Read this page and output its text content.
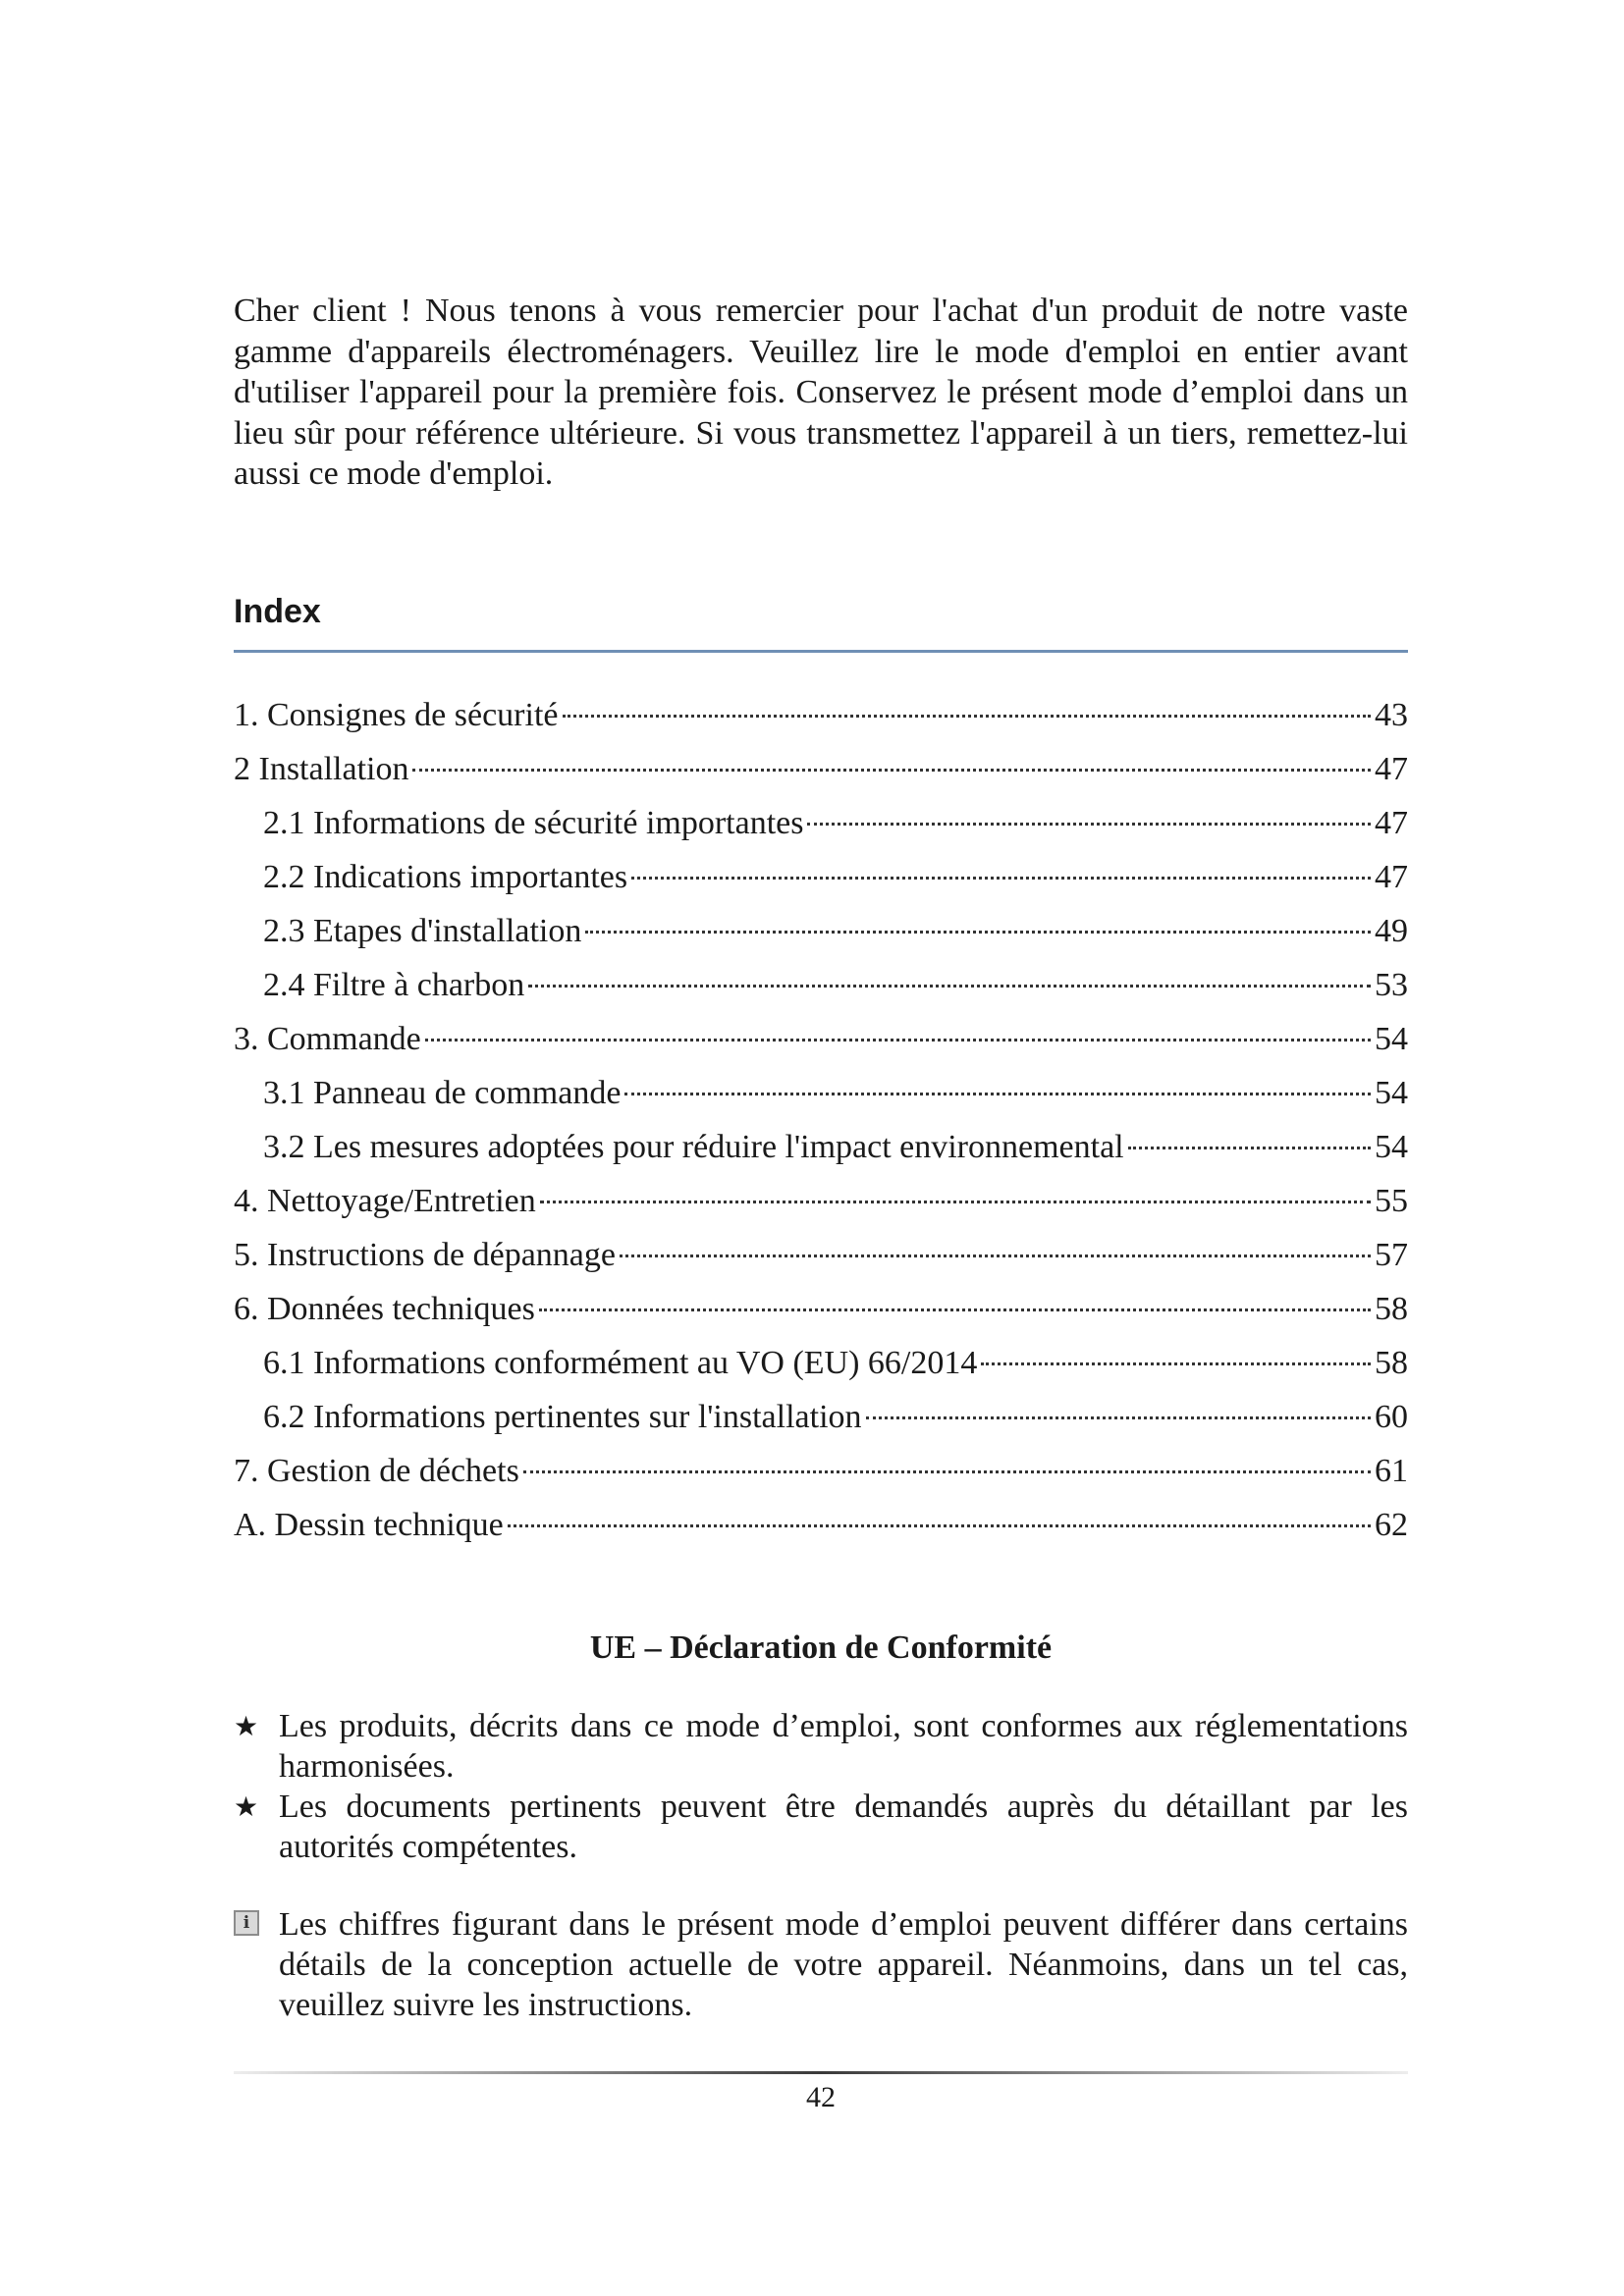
Cher client ! Nous tenons à vous remercier pour l'achat d'un produit de notre vaste gamme d'appareils électroménagers. Veuillez lire le mode d'emploi en entier avant d'utiliser l'appareil pour la première fois. Conservez le présent mode d’emploi dans un lieu sûr pour référence ultérieure. Si vous transmettez l'appareil à un tiers, remettez-lui aussi ce mode d'emploi.

Index
1. Consignes de sécurité	43
2 Installation	47
2.1 Informations de sécurité importantes	47
2.2 Indications importantes	47
2.3 Etapes d'installation	49
2.4 Filtre à charbon	53
3. Commande	54
3.1 Panneau de commande	54
3.2 Les mesures adoptées pour réduire l'impact environnemental	54
4. Nettoyage/Entretien	55
5. Instructions de dépannage	57
6. Données techniques	58
6.1 Informations conformément au VO (EU) 66/2014	58
6.2 Informations pertinentes sur l'installation	60
7. Gestion de déchets	61
A. Dessin technique	62
UE – Déclaration de Conformité
★ Les produits, décrits dans ce mode d’emploi, sont conformes aux réglementations harmonisées.
★ Les documents pertinents peuvent être demandés auprès du détaillant par les autorités compétentes.
i Les chiffres figurant dans le présent mode d’emploi peuvent différer dans certains détails de la conception actuelle de votre appareil. Néanmoins, dans un tel cas, veuillez suivre les instructions.

42
